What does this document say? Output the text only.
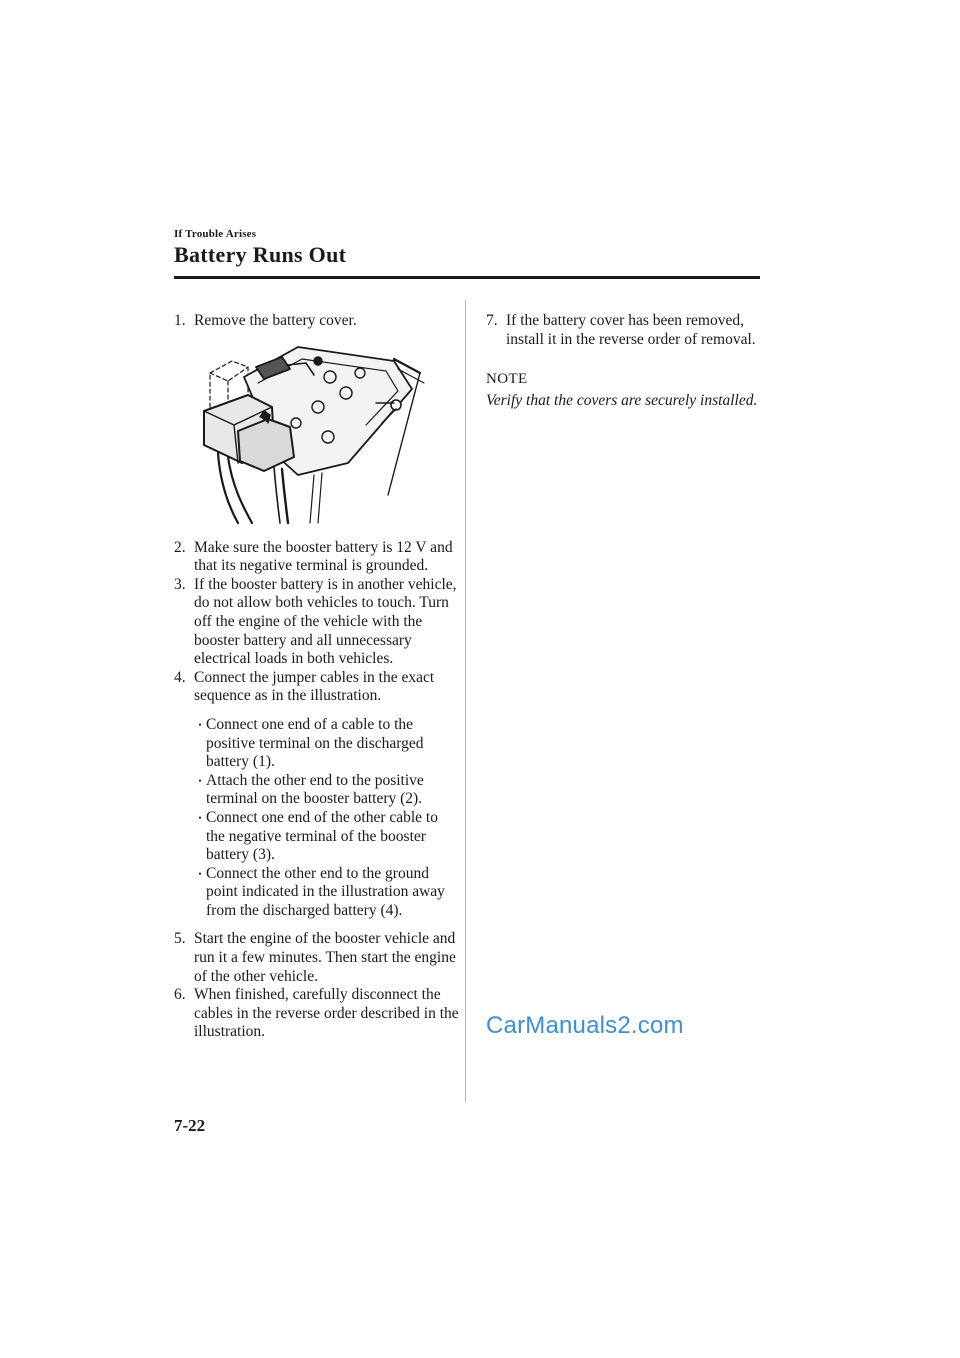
If Trouble Arises
Battery Runs Out

1. Remove the battery cover.

2. Make sure the booster battery is 12 V and that its negative terminal is grounded.

3. If the booster battery is in another vehicle, do not allow both vehicles to touch. Turn off the engine of the vehicle with the booster battery and all unnecessary electrical loads in both vehicles.

4. Connect the jumper cables in the exact sequence as in the illustration.

･ Connect one end of a cable to the positive terminal on the discharged battery (1).
･ Attach the other end to the positive terminal on the booster battery (2).
･ Connect one end of the other cable to the negative terminal of the booster battery (3).
･ Connect the other end to the ground point indicated in the illustration away from the discharged battery (4).

5. Start the engine of the booster vehicle and run it a few minutes. Then start the engine of the other vehicle.

6. When finished, carefully disconnect the cables in the reverse order described in the illustration.

7. If the battery cover has been removed, install it in the reverse order of removal.

NOTE

Verify that the covers are securely installed.

CarManuals2.com
7-22
